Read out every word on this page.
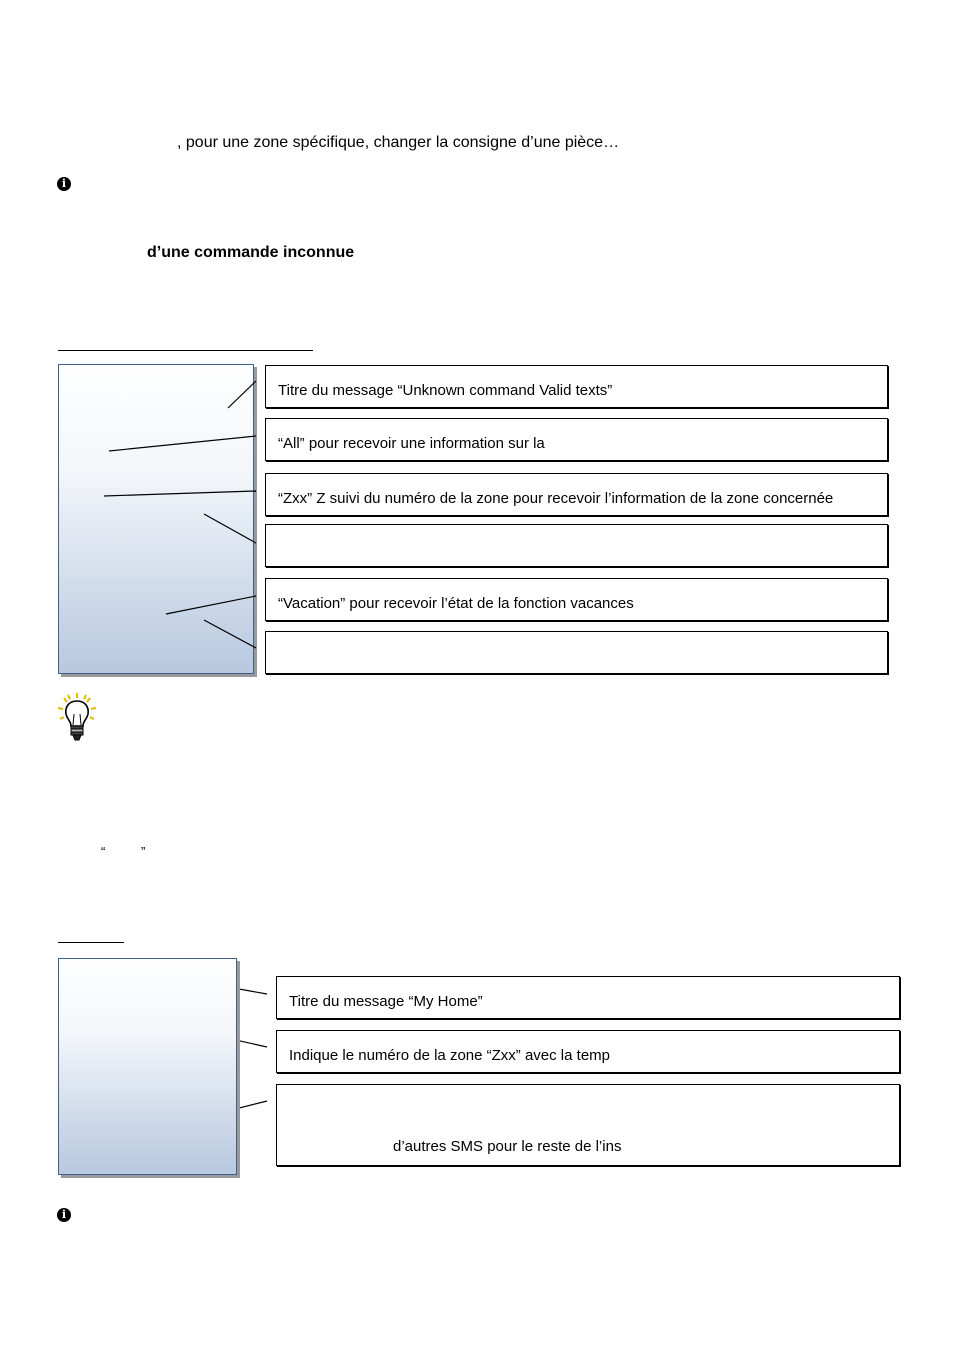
, pour une zone spécifique, changer la consigne d’une pièce…
i
d’une commande inconnue
Titre du message “Unknown command Valid texts”
“All” pour recevoir une information sur la
“Zxx” Z suivi du numéro de la zone pour recevoir l’information de la zone concernée
“Vacation” pour recevoir l’état de la fonction vacances
“	”
Titre du message “My Home”
Indique le numéro de la zone “Zxx” avec la temp
d’autres SMS pour le reste de l’ins
i
